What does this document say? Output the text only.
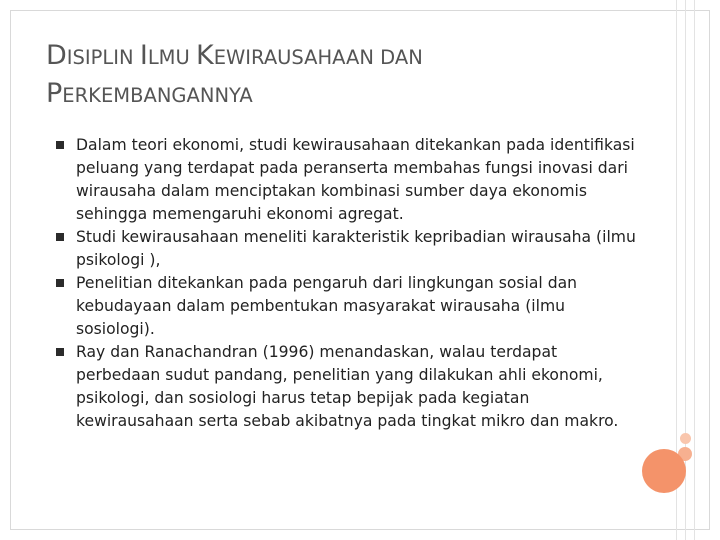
DISIPLIN ILMU KEWIRAUSAHAAN DAN
PERKEMBANGANNYA
Dalam teori ekonomi, studi kewirausahaan ditekankan pada identifikasi peluang yang terdapat pada peranserta membahas fungsi inovasi dari wirausaha dalam menciptakan kombinasi sumber daya ekonomis sehingga memengaruhi ekonomi agregat.
Studi kewirausahaan meneliti karakteristik kepribadian wirausaha (ilmu psikologi ),
Penelitian ditekankan pada pengaruh dari lingkungan sosial dan kebudayaan dalam pembentukan masyarakat wirausaha (ilmu sosiologi).
Ray dan Ranachandran (1996) menandaskan, walau terdapat perbedaan sudut pandang, penelitian yang dilakukan ahli ekonomi, psikologi, dan sosiologi harus tetap bepijak pada kegiatan kewirausahaan serta sebab akibatnya pada tingkat mikro dan makro.
